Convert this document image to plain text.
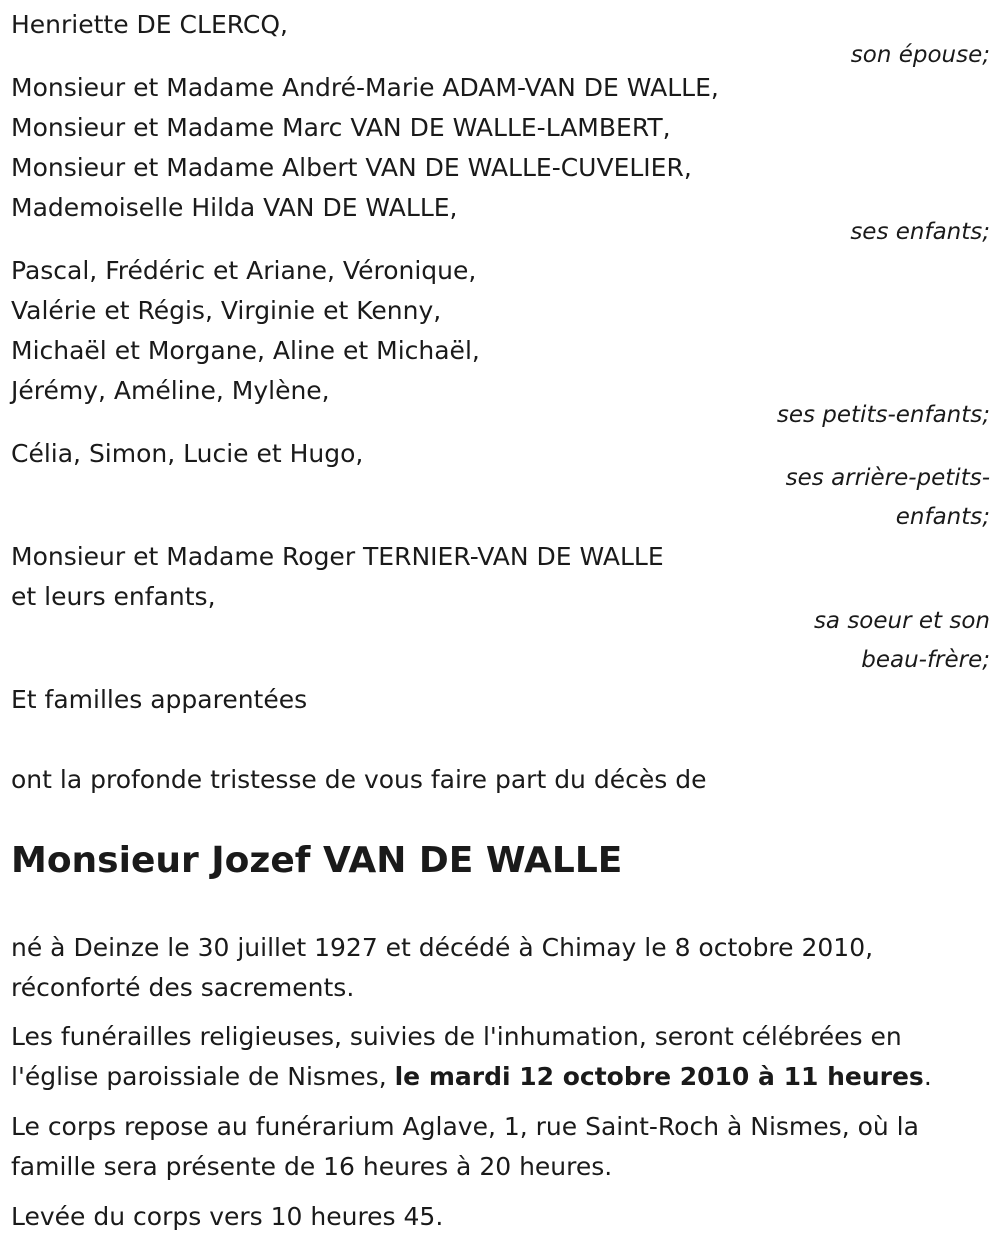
Henriette DE CLERCQ,
son épouse;
Monsieur et Madame André-Marie ADAM-VAN DE WALLE,
Monsieur et Madame Marc VAN DE WALLE-LAMBERT,
Monsieur et Madame Albert VAN DE WALLE-CUVELIER,
Mademoiselle Hilda VAN DE WALLE,
ses enfants;
Pascal, Frédéric et Ariane, Véronique,
Valérie et Régis, Virginie et Kenny,
Michaël et Morgane, Aline et Michaël,
Jérémy, Améline, Mylène,
ses petits-enfants;
Célia, Simon, Lucie et Hugo,
ses arrière-petits-
enfants;
Monsieur et Madame Roger TERNIER-VAN DE WALLE
et leurs enfants,
sa soeur et son
beau-frère;
Et familles apparentées
ont la profonde tristesse de vous faire part du décès de
Monsieur Jozef VAN DE WALLE
né à Deinze le 30 juillet 1927 et décédé à Chimay le 8 octobre 2010,
réconforté des sacrements.
Les funérailles religieuses, suivies de l'inhumation, seront célébrées en
l'église paroissiale de Nismes, le mardi 12 octobre 2010 à 11 heures.
Le corps repose au funérarium Aglave, 1, rue Saint-Roch à Nismes, où la
famille sera présente de 16 heures à 20 heures.
Levée du corps vers 10 heures 45.
